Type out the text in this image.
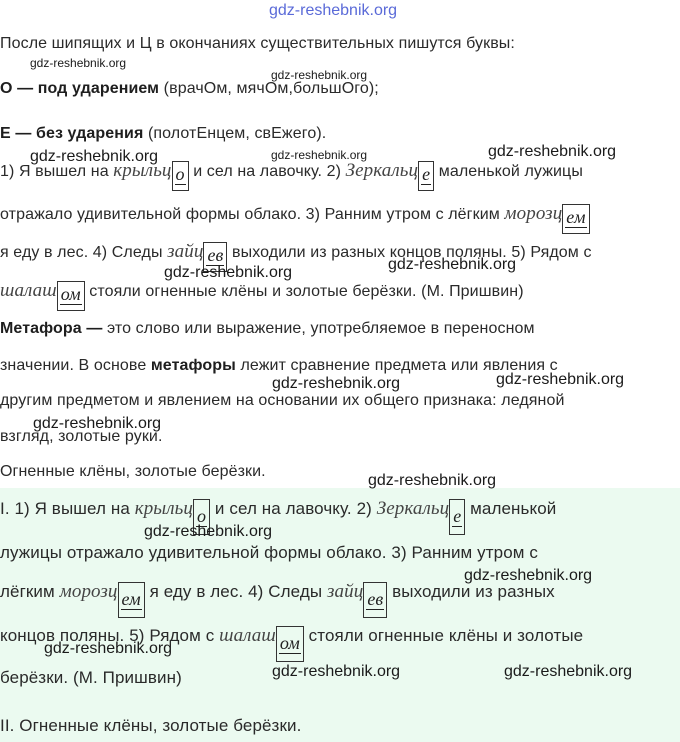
После шипящих и Ц в окончаниях существительных пишутся буквы:
О — под ударением (врачОм, мячОм,большОго);
Е — без ударения (полотЕнцем, свЕжего).
1) Я вышел на крыльц о и сел на лавочку. 2) Зеркальц е маленькой лужицы
отражало удивительной формы облако. 3) Ранним утром с лёгким морозц ем
я еду в лес. 4) Следы зайц ев выходили из разных концов поляны. 5) Рядом с
шалаш ом стояли огненные клёны и золотые берёзки. (М. Пришвин)
Метафора — это слово или выражение, употребляемое в переносном
значении. В основе метафоры лежит сравнение предмета или явления с
другим предметом и явлением на основании их общего признака: ледяной
взгляд, золотые руки.
Огненные клёны, золотые берёзки.
I. 1) Я вышел на крыльц о и сел на лавочку. 2) Зеркальц е маленькой
лужицы отражало удивительной формы облако. 3) Ранним утром с
лёгким морозц ем я еду в лес. 4) Следы зайц ев выходили из разных
концов поляны. 5) Рядом с шалаш ом стояли огненные клёны и золотые
берёзки. (М. Пришвин)
II. Огненные клёны, золотые берёзки.
gdz-reshebnik.org
gdz-reshebnik.org
gdz-reshebnik.org
gdz-reshebnik.org
gdz-reshebnik.org	gdz-reshebnik.org
gdz-reshebnik.org	gdz-reshebnik.org
gdz-reshebnik.org	gdz-reshebnik.org
gdz-reshebnik.org
gdz-reshebnik.org
gdz-reshebnik.org
gdz-reshebnik.org
gdz-reshebnik.org
gdz-reshebnik.org	gdz-reshebnik.org
